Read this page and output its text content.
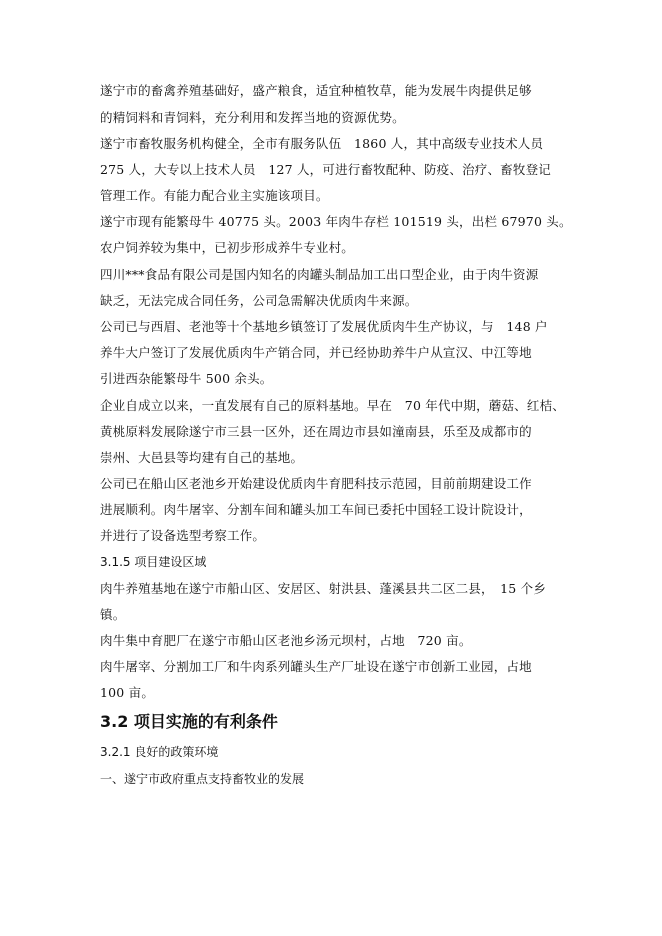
遂宁市的畜禽养殖基础好，盛产粮食，适宜种植牧草，能为发展牛肉提供足够
的精饲料和青饲料，充分利用和发挥当地的资源优势。
遂宁市畜牧服务机构健全，全市有服务队伍　1860 人，其中高级专业技术人员
275 人，大专以上技术人员　127 人，可进行畜牧配种、防疫、治疗、畜牧登记
管理工作。有能力配合业主实施该项目。
遂宁市现有能繁母牛 40775 头。2003 年肉牛存栏 101519 头，出栏 67970 头。
农户饲养较为集中，已初步形成养牛专业村。
四川***食品有限公司是国内知名的肉罐头制品加工出口型企业，由于肉牛资源
缺乏，无法完成合同任务，公司急需解决优质肉牛来源。
公司已与西眉、老池等十个基地乡镇签订了发展优质肉牛生产协议，与　148 户
养牛大户签订了发展优质肉牛产销合同，并已经协助养牛户从宣汉、中江等地
引进西杂能繁母牛 500 余头。
企业自成立以来，一直发展有自己的原料基地。早在　70 年代中期，蘑菇、红桔、
黄桃原料发展除遂宁市三县一区外，还在周边市县如潼南县，乐至及成都市的
崇州、大邑县等均建有自己的基地。
公司已在船山区老池乡开始建设优质肉牛育肥科技示范园，目前前期建设工作
进展顺利。肉牛屠宰、分割车间和罐头加工车间已委托中国轻工设计院设计，
并进行了设备选型考察工作。
3.1.5 项目建设区域
肉牛养殖基地在遂宁市船山区、安居区、射洪县、蓬溪县共二区二县，　15 个乡
镇。
肉牛集中育肥厂在遂宁市船山区老池乡汤元坝村，占地　720 亩。
肉牛屠宰、分割加工厂和牛肉系列罐头生产厂址设在遂宁市创新工业园，占地
100 亩。
3.2 项目实施的有利条件
3.2.1 良好的政策环境
一、遂宁市政府重点支持畜牧业的发展
